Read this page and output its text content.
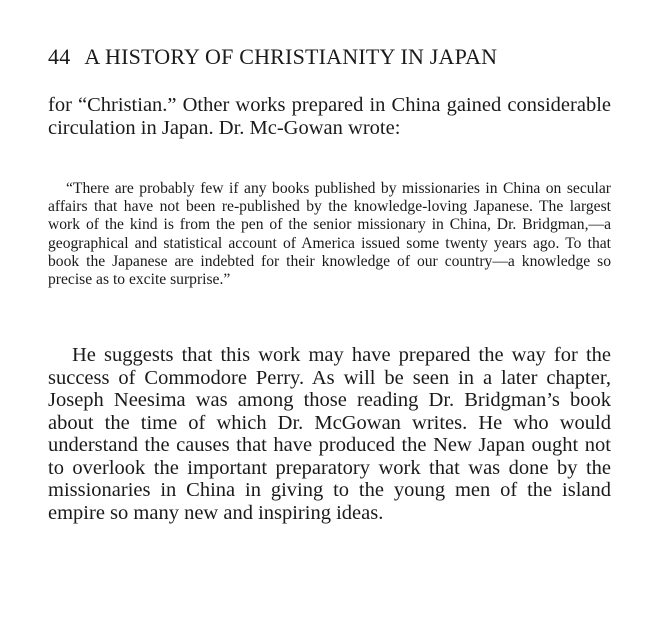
44 A HISTORY OF CHRISTIANITY IN JAPAN

for “Christian.” Other works prepared in China gained considerable circulation in Japan. Dr. Mc-Gowan wrote:

“There are probably few if any books published by missionaries in China on secular affairs that have not been re-published by the knowledge-loving Japanese. The largest work of the kind is from the pen of the senior missionary in China, Dr. Bridgman,—a geographical and statistical account of America issued some twenty years ago. To that book the Japanese are indebted for their knowledge of our country—a knowledge so precise as to excite surprise.”

He suggests that this work may have prepared the way for the success of Commodore Perry. As will be seen in a later chapter, Joseph Neesima was among those reading Dr. Bridgman’s book about the time of which Dr. McGowan writes. He who would understand the causes that have produced the New Japan ought not to overlook the important preparatory work that was done by the missionaries in China in giving to the young men of the island empire so many new and inspiring ideas.
